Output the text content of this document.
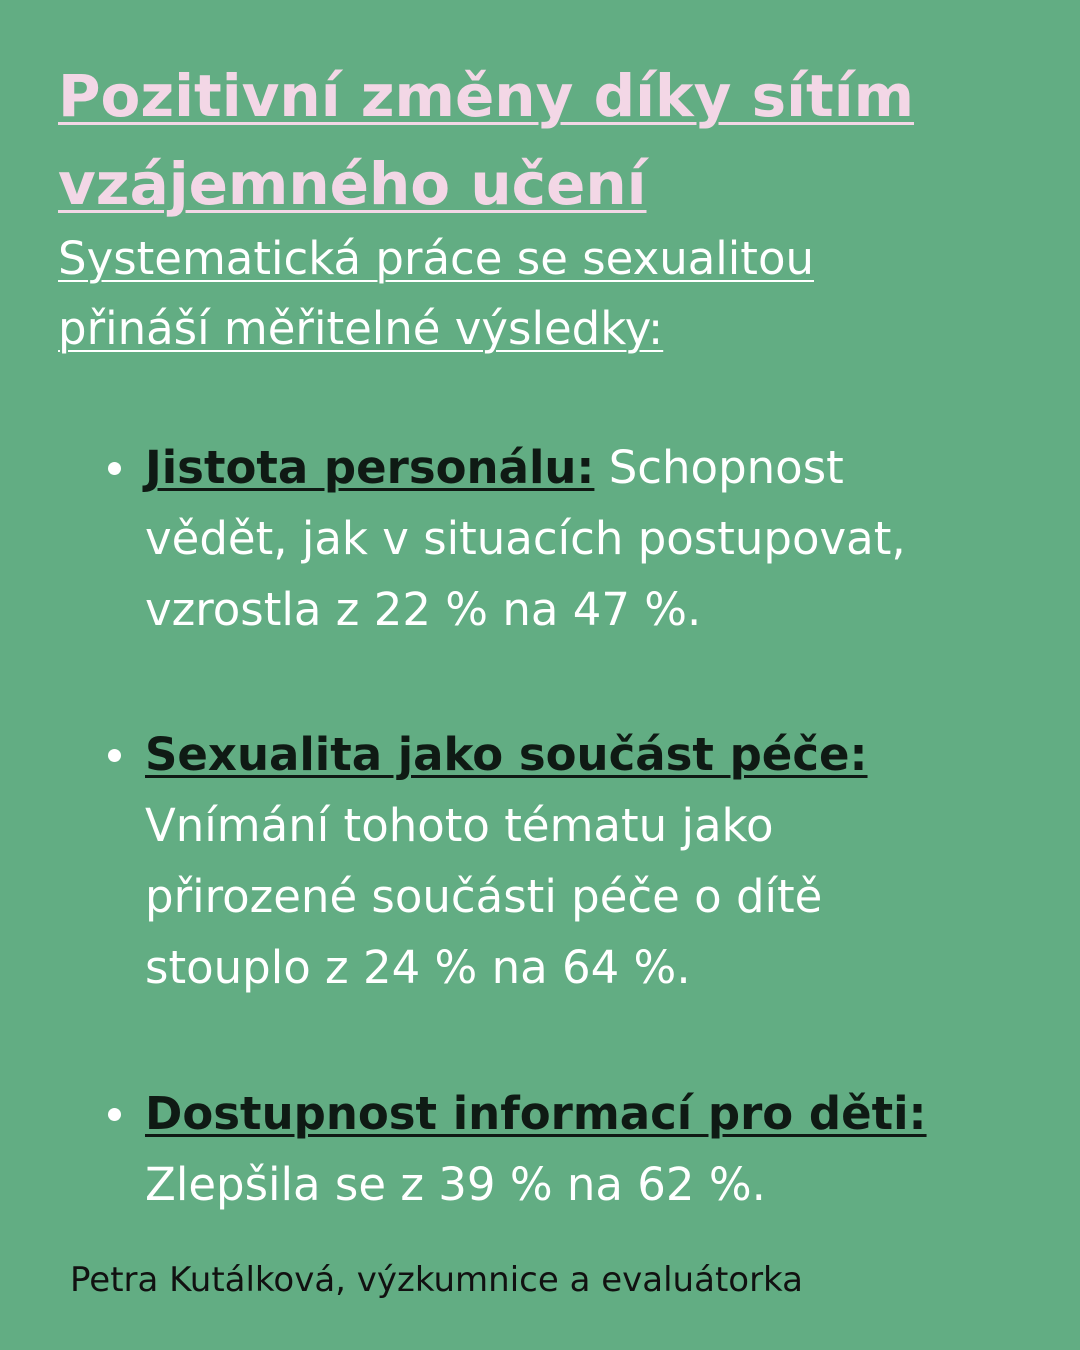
Pozitivní změny díky sítím
vzájemného učení

Systematická práce se sexualitou
přináší měřitelné výsledky:

Jistota personálu: Schopnost
vědět, jak v situacích postupovat,
vzrostla z 22 % na 47 %.
Sexualita jako součást péče:
Vnímání tohoto tématu jako
přirozené součásti péče o dítě
stouplo z 24 % na 64 %.
Dostupnost informací pro děti:
Zlepšila se z 39 % na 62 %.
Petra Kutálková, výzkumnice a evaluátorka
